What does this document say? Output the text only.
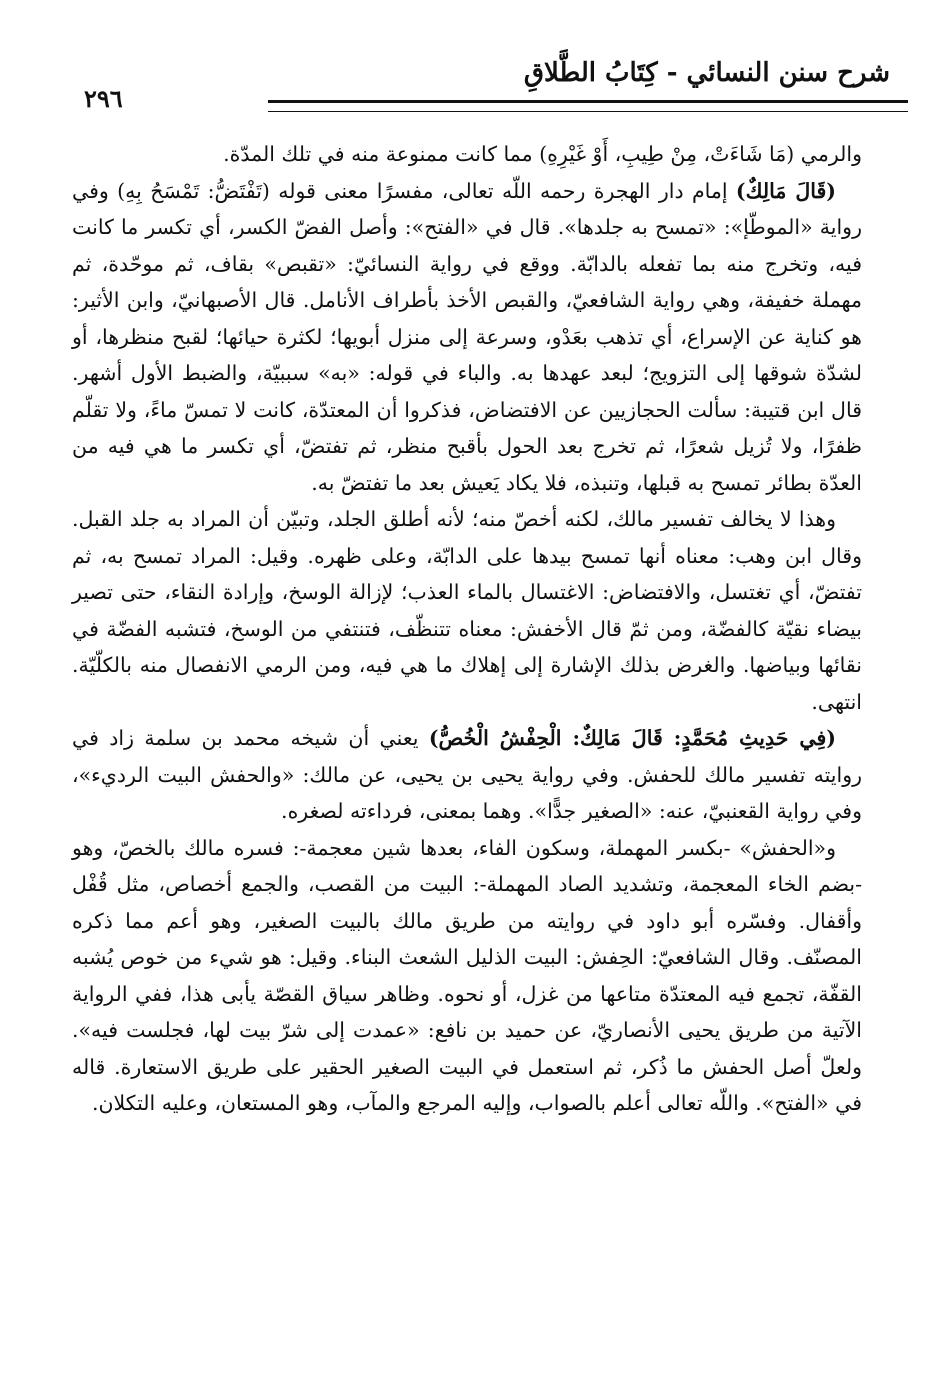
شرح سنن النسائي - كِتَابُ الطَّلاقِ
٢٩٦

والرمي (مَا شَاءَتْ، مِنْ طِيبِ، أَوْ غَيْرِهِ) مما كانت ممنوعة منه في تلك المدّة.

(قَالَ مَالِكٌ) إمام دار الهجرة رحمه اللّه تعالى، مفسرًا معنى قوله (تَفْتَضُّ: تَمْسَحُ بِهِ) وفي رواية «الموطّإ»: «تمسح به جلدها». قال في «الفتح»: وأصل الفضّ الكسر، أي تكسر ما كانت فيه، وتخرج منه بما تفعله بالدابّة. ووقع في رواية النسائيّ: «تقبص» بقاف، ثم موحّدة، ثم مهملة خفيفة، وهي رواية الشافعيّ، والقبص الأخذ بأطراف الأنامل. قال الأصبهانيّ، وابن الأثير: هو كناية عن الإسراع، أي تذهب بعَدْو، وسرعة إلى منزل أبويها؛ لكثرة حيائها؛ لقبح منظرها، أو لشدّة شوقها إلى التزويج؛ لبعد عهدها به. والباء في قوله: «به» سببيّة، والضبط الأول أشهر. قال ابن قتيبة: سألت الحجازيين عن الافتضاض، فذكروا أن المعتدّة، كانت لا تمسّ ماءً، ولا تقلّم ظفرًا، ولا تُزيل شعرًا، ثم تخرج بعد الحول بأقبح منظر، ثم تفتضّ، أي تكسر ما هي فيه من العدّة بطائر تمسح به قبلها، وتنبذه، فلا يكاد يَعيش بعد ما تفتضّ به.

وهذا لا يخالف تفسير مالك، لكنه أخصّ منه؛ لأنه أطلق الجلد، وتبيّن أن المراد به جلد القبل. وقال ابن وهب: معناه أنها تمسح بيدها على الدابّة، وعلى ظهره. وقيل: المراد تمسح به، ثم تفتضّ، أي تغتسل، والافتضاض: الاغتسال بالماء العذب؛ لإزالة الوسخ، وإرادة النقاء، حتى تصير بيضاء نقيّة كالفضّة، ومن ثمّ قال الأخفش: معناه تتنظّف، فتنتفي من الوسخ، فتشبه الفضّة في نقائها وبياضها. والغرض بذلك الإشارة إلى إهلاك ما هي فيه، ومن الرمي الانفصال منه بالكلّيّة. انتهى.

(فِي حَدِيثِ مُحَمَّدٍ: قَالَ مَالِكٌ: الْحِفْشُ الْخُصُّ) يعني أن شيخه محمد بن سلمة زاد في روايته تفسير مالك للحفش. وفي رواية يحيى بن يحيى، عن مالك: «والحفش البيت الرديء»، وفي رواية القعنبيّ، عنه: «الصغير جدًّا». وهما بمعنى، فرداءته لصغره.

و«الحفش» -بكسر المهملة، وسكون الفاء، بعدها شين معجمة-: فسره مالك بالخصّ، وهو -بضم الخاء المعجمة، وتشديد الصاد المهملة-: البيت من القصب، والجمع أخصاص، مثل قُفْل وأقفال. وفسّره أبو داود في روايته من طريق مالك بالبيت الصغير، وهو أعم مما ذكره المصنّف. وقال الشافعيّ: الحِفش: البيت الذليل الشعث البناء. وقيل: هو شيء من خوص يُشبه القفّة، تجمع فيه المعتدّة متاعها من غزل، أو نحوه. وظاهر سياق القصّة يأبى هذا، ففي الرواية الآتية من طريق يحيى الأنصاريّ، عن حميد بن نافع: «عمدت إلى شرّ بيت لها، فجلست فيه». ولعلّ أصل الحفش ما ذُكر، ثم استعمل في البيت الصغير الحقير على طريق الاستعارة. قاله في «الفتح». واللّه تعالى أعلم بالصواب، وإليه المرجع والمآب، وهو المستعان، وعليه التكلان.
